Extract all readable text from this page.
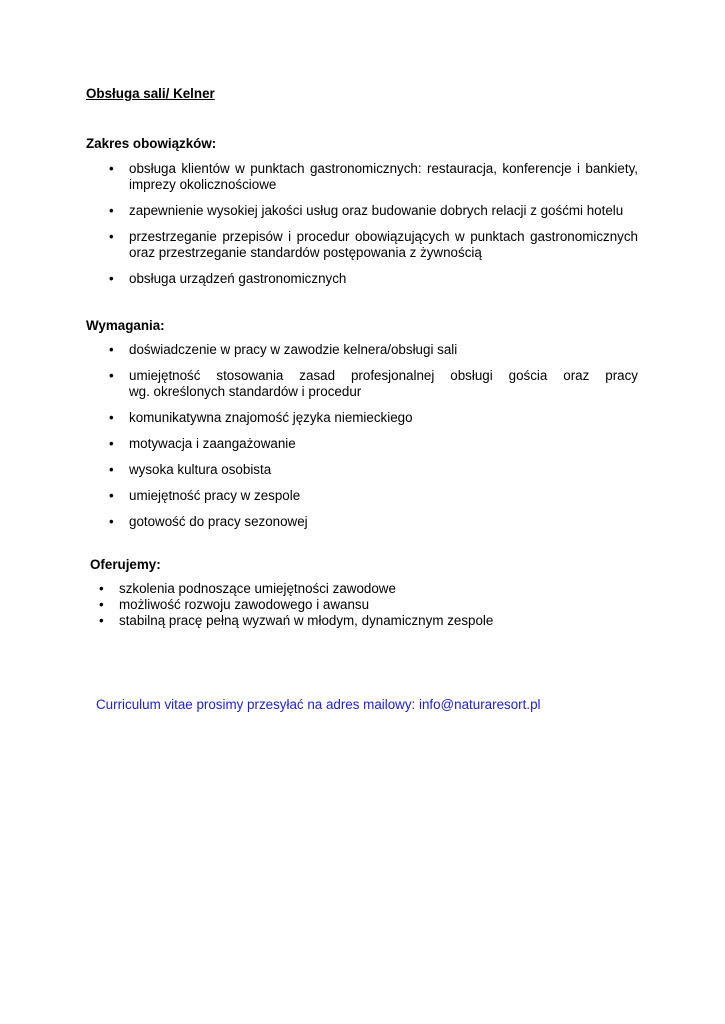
Obsługa sali/ Kelner
Zakres obowiązków:
•	obsługa klientów w punktach gastronomicznych: restauracja, konferencje i bankiety,
imprezy okolicznościowe
•	zapewnienie wysokiej jakości usług oraz budowanie dobrych relacji z gośćmi hotelu
•	przestrzeganie przepisów i procedur obowiązujących w punktach gastronomicznych
oraz przestrzeganie standardów postępowania z żywnością
•	obsługa urządzeń gastronomicznych
Wymagania:
•	doświadczenie w pracy w zawodzie kelnera/obsługi sali
•	umiejętność stosowania zasad profesjonalnej obsługi gościa oraz pracy
wg. określonych standardów i procedur
•	komunikatywna znajomość języka niemieckiego
•	motywacja i zaangażowanie
•	wysoka kultura osobista
•	umiejętność pracy w zespole
•	gotowość do pracy sezonowej
Oferujemy:
•	szkolenia podnoszące umiejętności zawodowe
•	możliwość rozwoju zawodowego i awansu
•	stabilną pracę pełną wyzwań w młodym, dynamicznym zespole
Curriculum vitae prosimy przesyłać na adres mailowy: info@naturaresort.pl
